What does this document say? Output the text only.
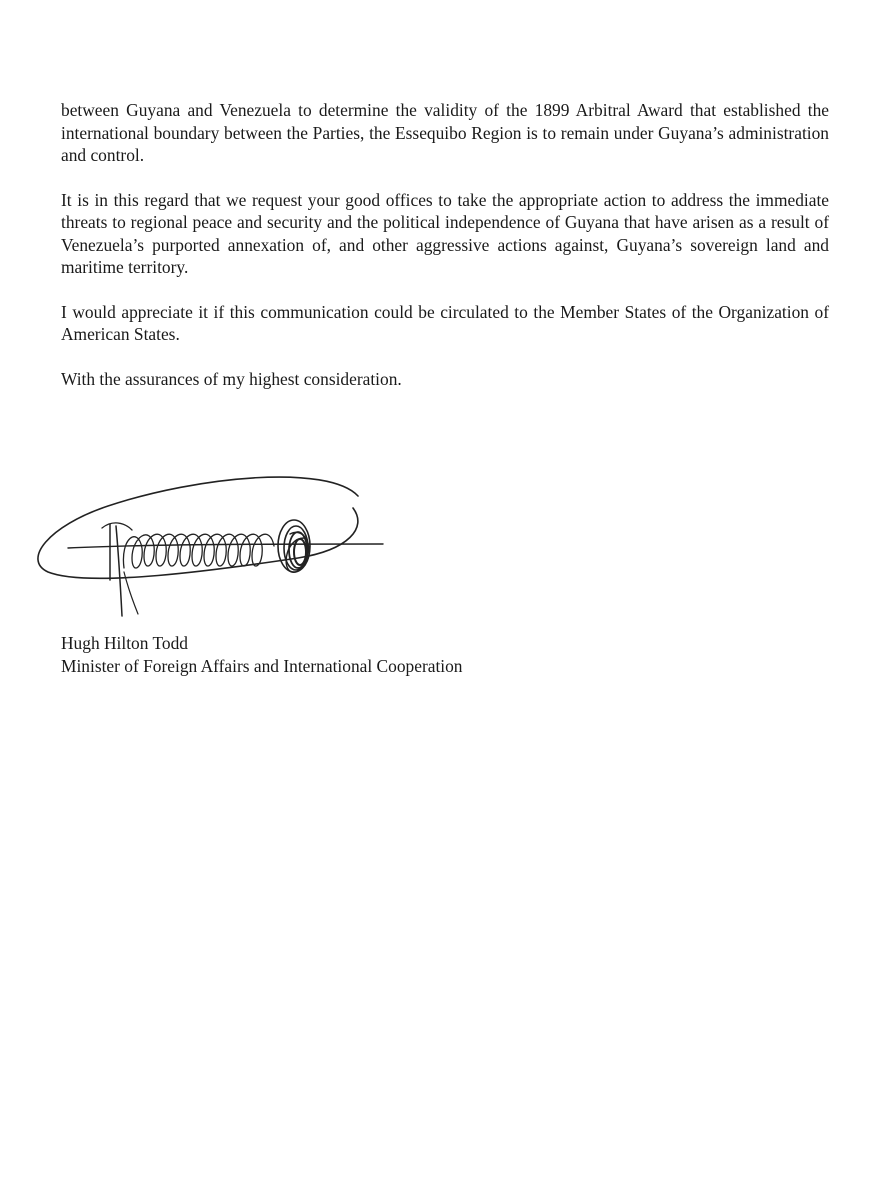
between Guyana and Venezuela to determine the validity of the 1899 Arbitral Award that established the international boundary between the Parties, the Essequibo Region is to remain under Guyana’s administration and control.

It is in this regard that we request your good offices to take the appropriate action to address the immediate threats to regional peace and security and the political independence of Guyana that have arisen as a result of Venezuela’s purported annexation of, and other aggressive actions against, Guyana’s sovereign land and maritime territory.

I would appreciate it if this communication could be circulated to the Member States of the Organization of American States.

With the assurances of my highest consideration.

Hugh Hilton Todd
Minister of Foreign Affairs and International Cooperation
